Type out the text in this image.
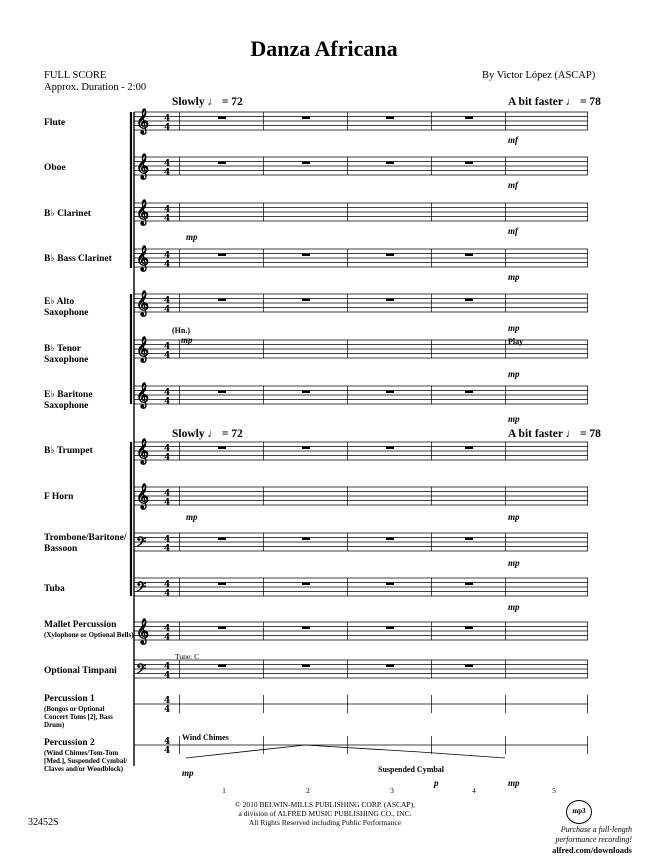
Danza Africana
FULL SCORE
Approx. Duration - 2:00
By Victor López (ASCAP)
Slowly ♩ = 72	A bit faster ♩ = 78
Slowly ♩ = 72	A bit faster ♩ = 78
Flute
Oboe
B♭ Clarinet
B♭ Bass Clarinet
E♭ Alto Saxophone
B♭ Tenor Saxophone
E♭ Baritone Saxophone
B♭ Trumpet
F Horn
Trombone/Baritone/ Bassoon
Tuba
Mallet Percussion
(Xylophone or Optional Bells)
Optional Timpani
Percussion 1
(Bongos or Optional Concert Toms [2], Bass Drum)
Percussion 2
(Wind Chimes/Tom-Tom [Med.], Suspended Cymbal/ Claves and/or Woodblock)
(Hn.)
Play
Tune: C
Wind Chimes
Suspended Cymbal
mf
mf
mp
mf
mp
mp
mp
mp
mp
mp	mp
mp
mp
mp
p	mp
1	2	3	4	5
𝄞 4
4
𝄞 4
4
𝄞 4
4
𝄞 4
4
𝄞 4
4
𝄞 4
4
𝄞 4
4
𝄞 4
4
𝄞 4
4
𝄢 4
4
𝄢 4
4
𝄞 4
4
𝄢 4
4
4
4
4
4
© 2010 BELWIN-MILLS PUBLISHING CORP. (ASCAP),
a division of ALFRED MUSIC PUBLISHING CO., INC.
All Rights Reserved including Public Performance
32452S
mp3
Purchase a full-length
performance recording!
alfred.com/downloads
